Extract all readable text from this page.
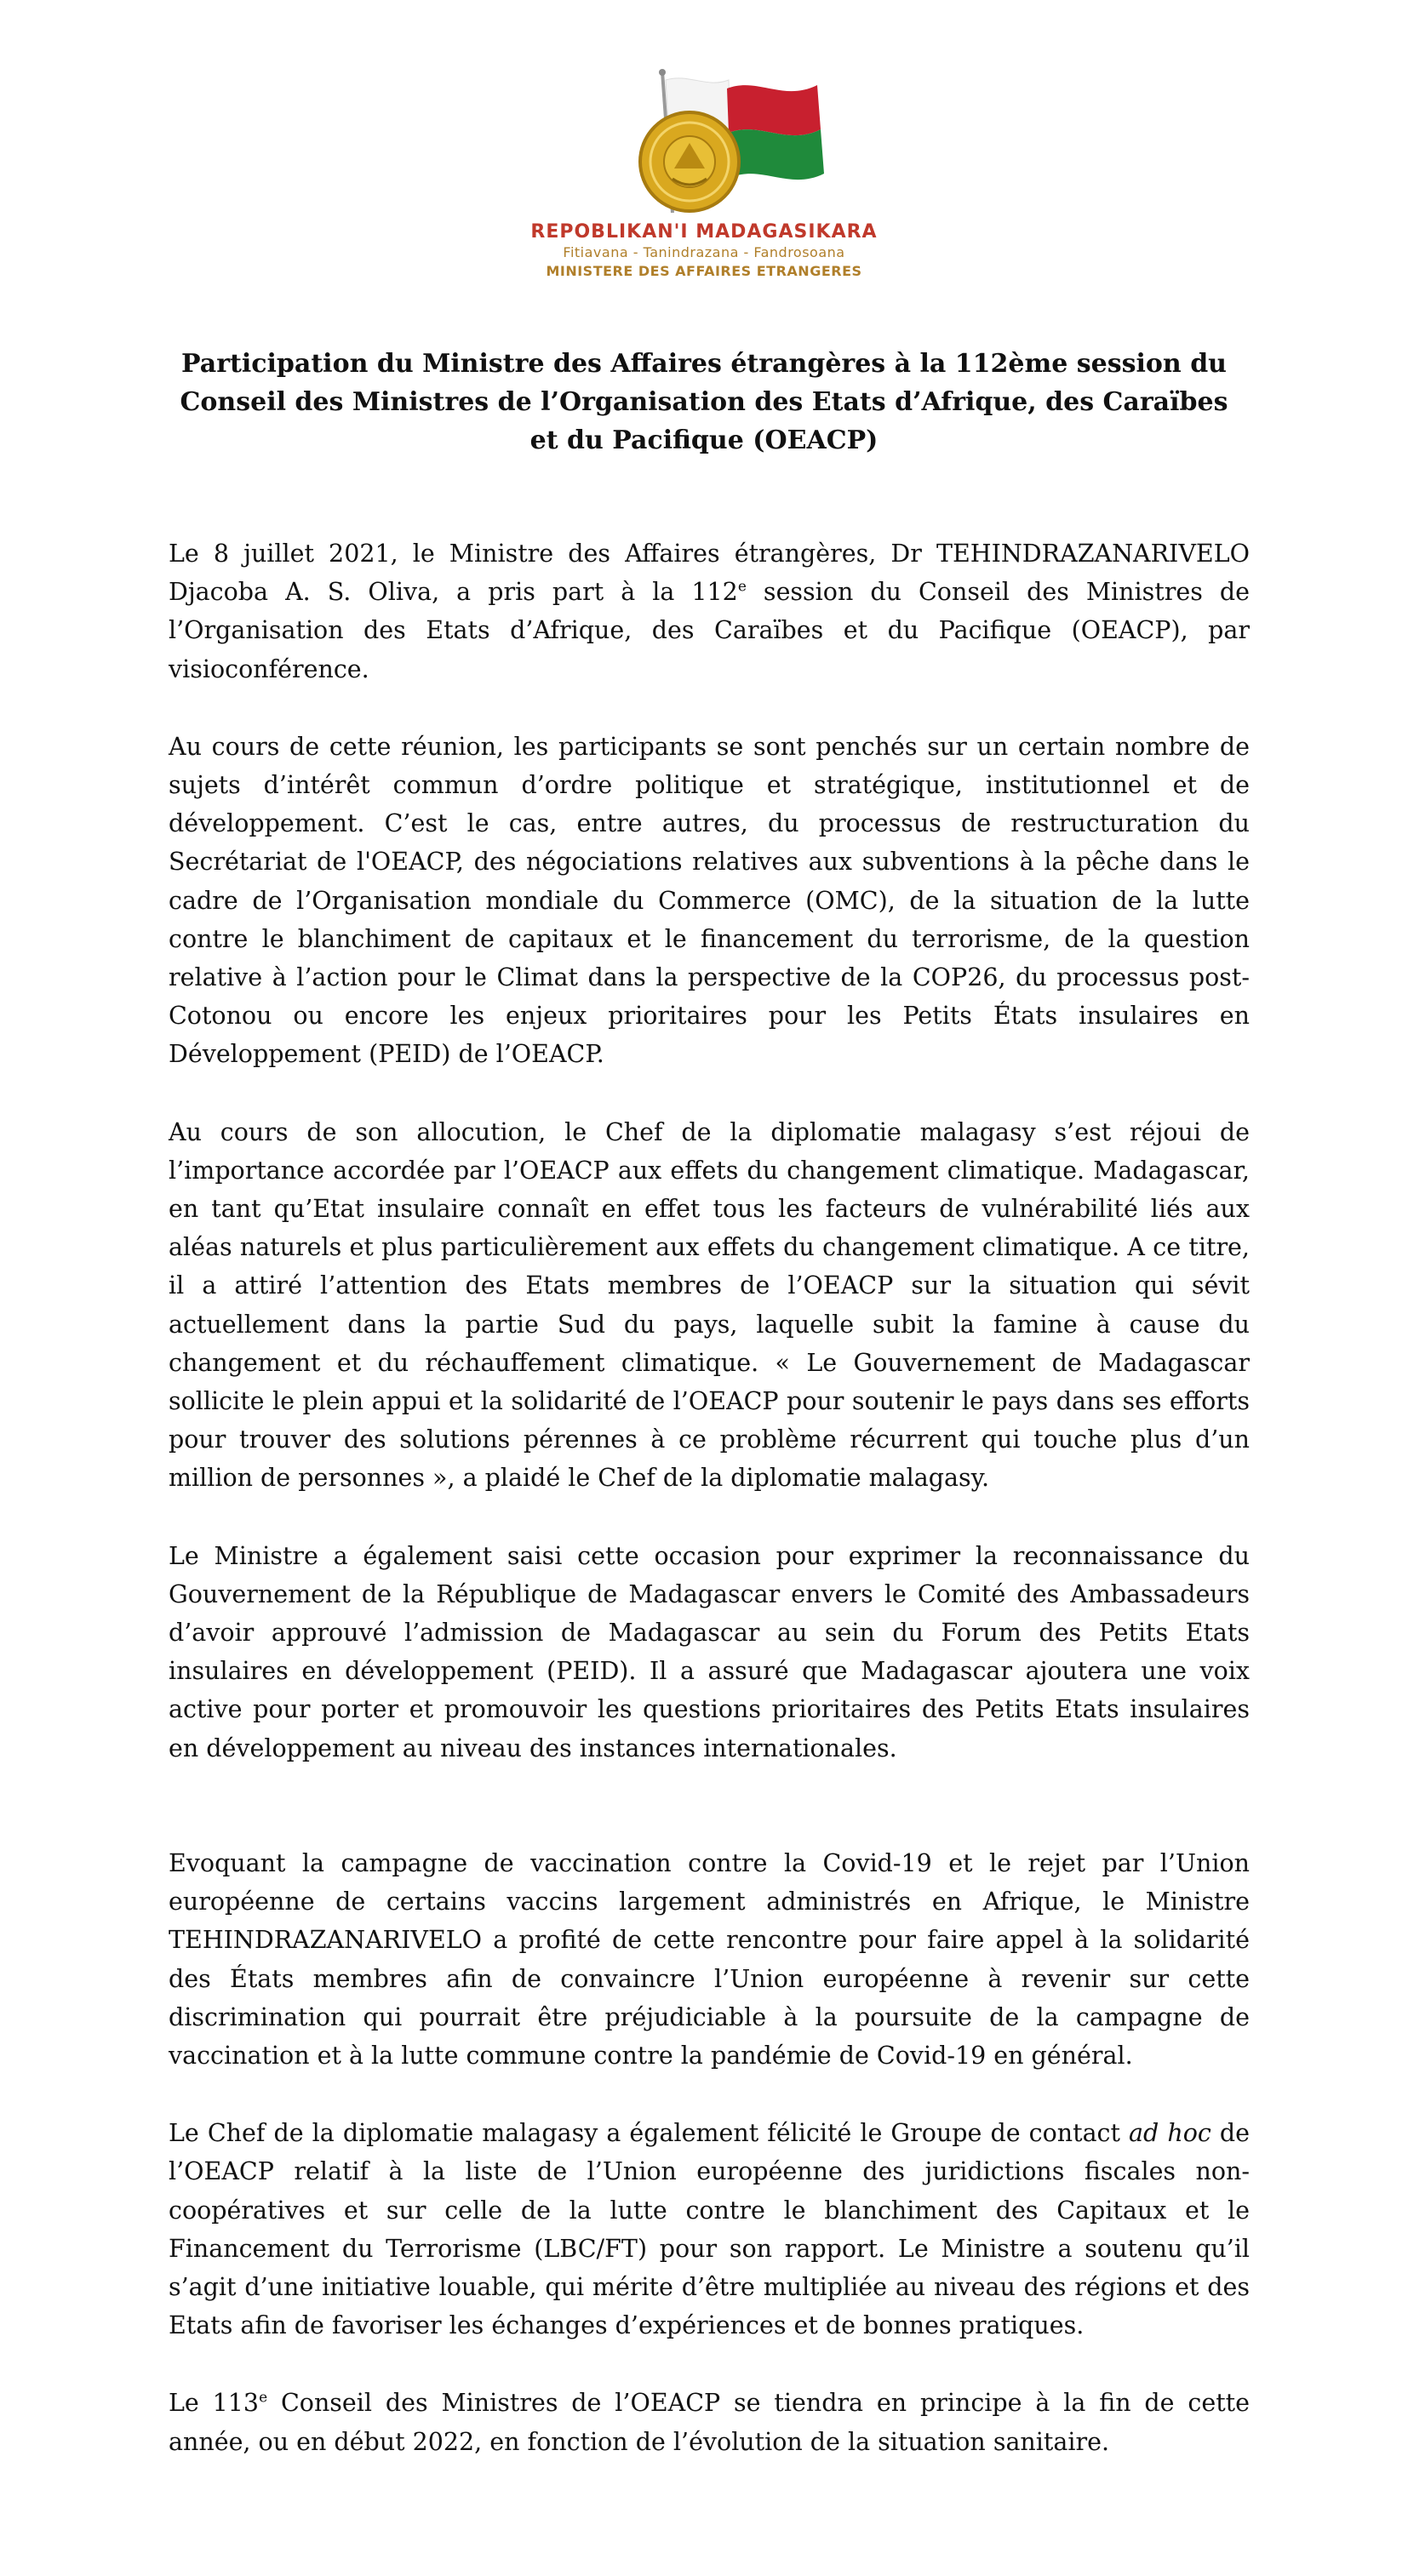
REPOBLIKAN'I MADAGASIKARA
Fitiavana - Tanindrazana - Fandrosoana
MINISTERE DES AFFAIRES ETRANGERES
Participation du Ministre des Affaires étrangères à la 112ème session du Conseil des Ministres de l’Organisation des Etats d’Afrique, des Caraïbes et du Pacifique (OEACP)

Le 8 juillet 2021, le Ministre des Affaires étrangères, Dr TEHINDRAZANARIVELO Djacoba A. S. Oliva, a pris part à la 112e session du Conseil des Ministres de l’Organisation des Etats d’Afrique, des Caraïbes et du Pacifique (OEACP), par visioconférence.

Au cours de cette réunion, les participants se sont penchés sur un certain nombre de sujets d’intérêt commun d’ordre politique et stratégique, institutionnel et de développement. C’est le cas, entre autres, du processus de restructuration du Secrétariat de l'OEACP, des négociations relatives aux subventions à la pêche dans le cadre de l’Organisation mondiale du Commerce (OMC), de la situation de la lutte contre le blanchiment de capitaux et le financement du terrorisme, de la question relative à l’action pour le Climat dans la perspective de la COP26, du processus post-Cotonou ou encore les enjeux prioritaires pour les Petits États insulaires en Développement (PEID) de l’OEACP.

Au cours de son allocution, le Chef de la diplomatie malagasy s’est réjoui de l’importance accordée par l’OEACP aux effets du changement climatique. Madagascar, en tant qu’Etat insulaire connaît en effet tous les facteurs de vulnérabilité liés aux aléas naturels et plus particulièrement aux effets du changement climatique. A ce titre, il a attiré l’attention des Etats membres de l’OEACP sur la situation qui sévit actuellement dans la partie Sud du pays, laquelle subit la famine à cause du changement et du réchauffement climatique. « Le Gouvernement de Madagascar sollicite le plein appui et la solidarité de l’OEACP pour soutenir le pays dans ses efforts pour trouver des solutions pérennes à ce problème récurrent qui touche plus d’un million de personnes », a plaidé le Chef de la diplomatie malagasy.

Le Ministre a également saisi cette occasion pour exprimer la reconnaissance du Gouvernement de la République de Madagascar envers le Comité des Ambassadeurs d’avoir approuvé l’admission de Madagascar au sein du Forum des Petits Etats insulaires en développement (PEID). Il a assuré que Madagascar ajoutera une voix active pour porter et promouvoir les questions prioritaires des Petits Etats insulaires en développement au niveau des instances internationales.

Evoquant la campagne de vaccination contre la Covid-19 et le rejet par l’Union européenne de certains vaccins largement administrés en Afrique, le Ministre TEHINDRAZANARIVELO a profité de cette rencontre pour faire appel à la solidarité des États membres afin de convaincre l’Union européenne à revenir sur cette discrimination qui pourrait être préjudiciable à la poursuite de la campagne de vaccination et à la lutte commune contre la pandémie de Covid-19 en général.

Le Chef de la diplomatie malagasy a également félicité le Groupe de contact ad hoc de l’OEACP relatif à la liste de l’Union européenne des juridictions fiscales non-coopératives et sur celle de la lutte contre le blanchiment des Capitaux et le Financement du Terrorisme (LBC/FT) pour son rapport. Le Ministre a soutenu qu’il s’agit d’une initiative louable, qui mérite d’être multipliée au niveau des régions et des Etats afin de favoriser les échanges d’expériences et de bonnes pratiques.

Le 113e Conseil des Ministres de l’OEACP se tiendra en principe à la fin de cette année, ou en début 2022, en fonction de l’évolution de la situation sanitaire.
